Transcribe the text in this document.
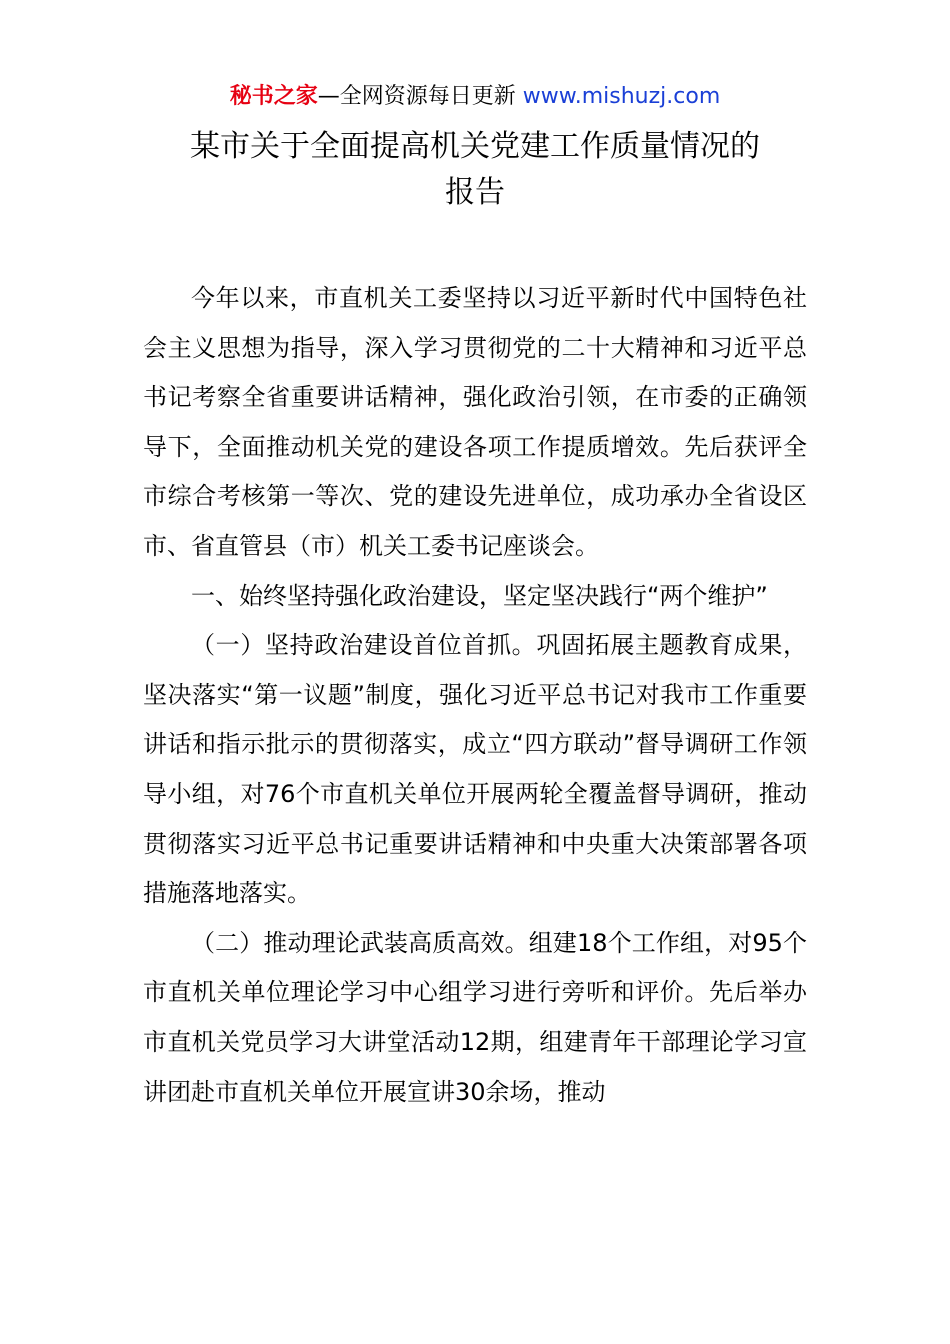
秘书之家—全网资源每日更新 www.mishuzj.com
某市关于全面提高机关党建工作质量情况的
报告

今年以来，市直机关工委坚持以习近平新时代中国特色社会主义思想为指导，深入学习贯彻党的二十大精神和习近平总书记考察全省重要讲话精神，强化政治引领，在市委的正确领导下，全面推动机关党的建设各项工作提质增效。先后获评全市综合考核第一等次、党的建设先进单位，成功承办全省设区市、省直管县（市）机关工委书记座谈会。

一、始终坚持强化政治建设，坚定坚决践行“两个维护”

（一）坚持政治建设首位首抓。巩固拓展主题教育成果，坚决落实“第一议题”制度，强化习近平总书记对我市工作重要讲话和指示批示的贯彻落实，成立“四方联动”督导调研工作领导小组，对76个市直机关单位开展两轮全覆盖督导调研，推动贯彻落实习近平总书记重要讲话精神和中央重大决策部署各项措施落地落实。

（二）推动理论武装高质高效。组建18个工作组，对95个市直机关单位理论学习中心组学习进行旁听和评价。先后举办市直机关党员学习大讲堂活动12期，组建青年干部理论学习宣讲团赴市直机关单位开展宣讲30余场，推动
